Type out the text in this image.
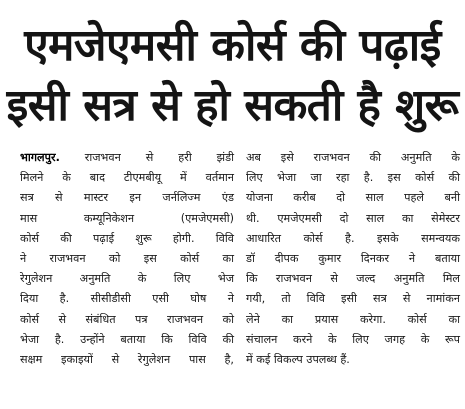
एमजेएमसी कोर्स की पढ़ाई
इसी सत्र से हो सकती है शुरू
भागलपुर. राजभवन से हरी झंडी
मिलने के बाद टीएमबीयू में वर्तमान
सत्र से मास्टर इन जर्नलिज्म एंड
मास कम्यूनिकेशन (एमजेएमसी)
कोर्स की पढ़ाई शुरू होगी. विवि
ने राजभवन को इस कोर्स का
रेगुलेशन अनुमति के लिए भेज
दिया है. सीसीडीसी एसी घोष ने
कोर्स से संबंधित पत्र राजभवन को
भेजा है. उन्होंने बताया कि विवि की
सक्षम इकाइयों से रेगुलेशन पास है,
अब इसे राजभवन की अनुमति के
लिए भेजा जा रहा है. इस कोर्स की
योजना करीब दो साल पहले बनी
थी. एमजेएमसी दो साल का सेमेस्टर
आधारित कोर्स है. इसके समन्वयक
डॉ दीपक कुमार दिनकर ने बताया
कि राजभवन से जल्द अनुमति मिल
गयी, तो विवि इसी सत्र से नामांकन
लेने का प्रयास करेगा. कोर्स का
संचालन करने के लिए जगह के रूप
में कई विकल्प उपलब्ध हैं.
